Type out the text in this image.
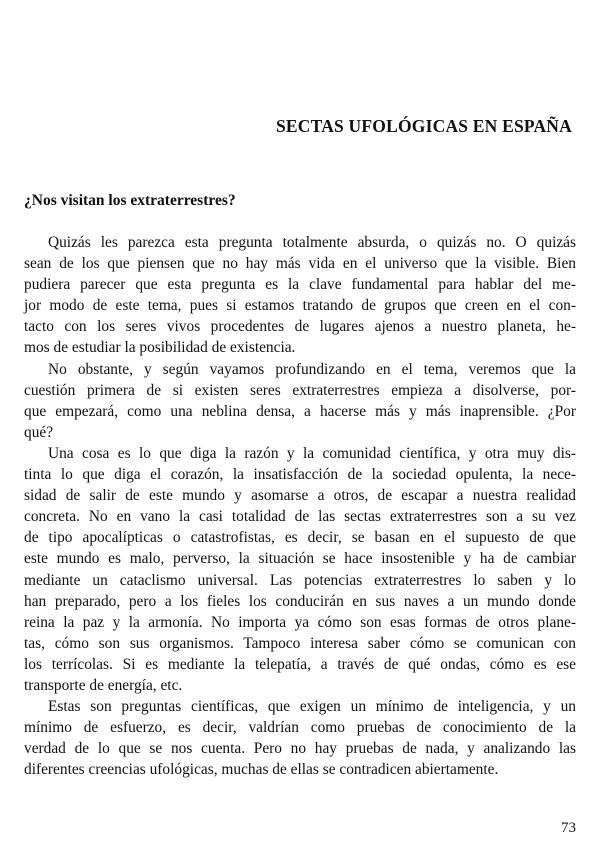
SECTAS UFOLÓGICAS EN ESPAÑA
¿Nos visitan los extraterrestres?

Quizás les parezca esta pregunta totalmente absurda, o quizás no. O quizás
sean de los que piensen que no hay más vida en el universo que la visible. Bien
pudiera parecer que esta pregunta es la clave fundamental para hablar del me-
jor modo de este tema, pues si estamos tratando de grupos que creen en el con-
tacto con los seres vivos procedentes de lugares ajenos a nuestro planeta, he-
mos de estudiar la posibilidad de existencia.

No obstante, y según vayamos profundizando en el tema, veremos que la
cuestión primera de si existen seres extraterrestres empieza a disolverse, por-
que empezará, como una neblina densa, a hacerse más y más inaprensible. ¿Por
qué?

Una cosa es lo que diga la razón y la comunidad científica, y otra muy dis-
tinta lo que diga el corazón, la insatisfacción de la sociedad opulenta, la nece-
sidad de salir de este mundo y asomarse a otros, de escapar a nuestra realidad
concreta. No en vano la casi totalidad de las sectas extraterrestres son a su vez
de tipo apocalípticas o catastrofistas, es decir, se basan en el supuesto de que
este mundo es malo, perverso, la situación se hace insostenible y ha de cambiar
mediante un cataclismo universal. Las potencias extraterrestres lo saben y lo
han preparado, pero a los fieles los conducirán en sus naves a un mundo donde
reina la paz y la armonía. No importa ya cómo son esas formas de otros plane-
tas, cómo son sus organismos. Tampoco interesa saber cómo se comunican con
los terrícolas. Si es mediante la telepatía, a través de qué ondas, cómo es ese
transporte de energía, etc.

Estas son preguntas científicas, que exigen un mínimo de inteligencia, y un
mínimo de esfuerzo, es decir, valdrían como pruebas de conocimiento de la
verdad de lo que se nos cuenta. Pero no hay pruebas de nada, y analizando las
diferentes creencias ufológicas, muchas de ellas se contradicen abiertamente.

73
